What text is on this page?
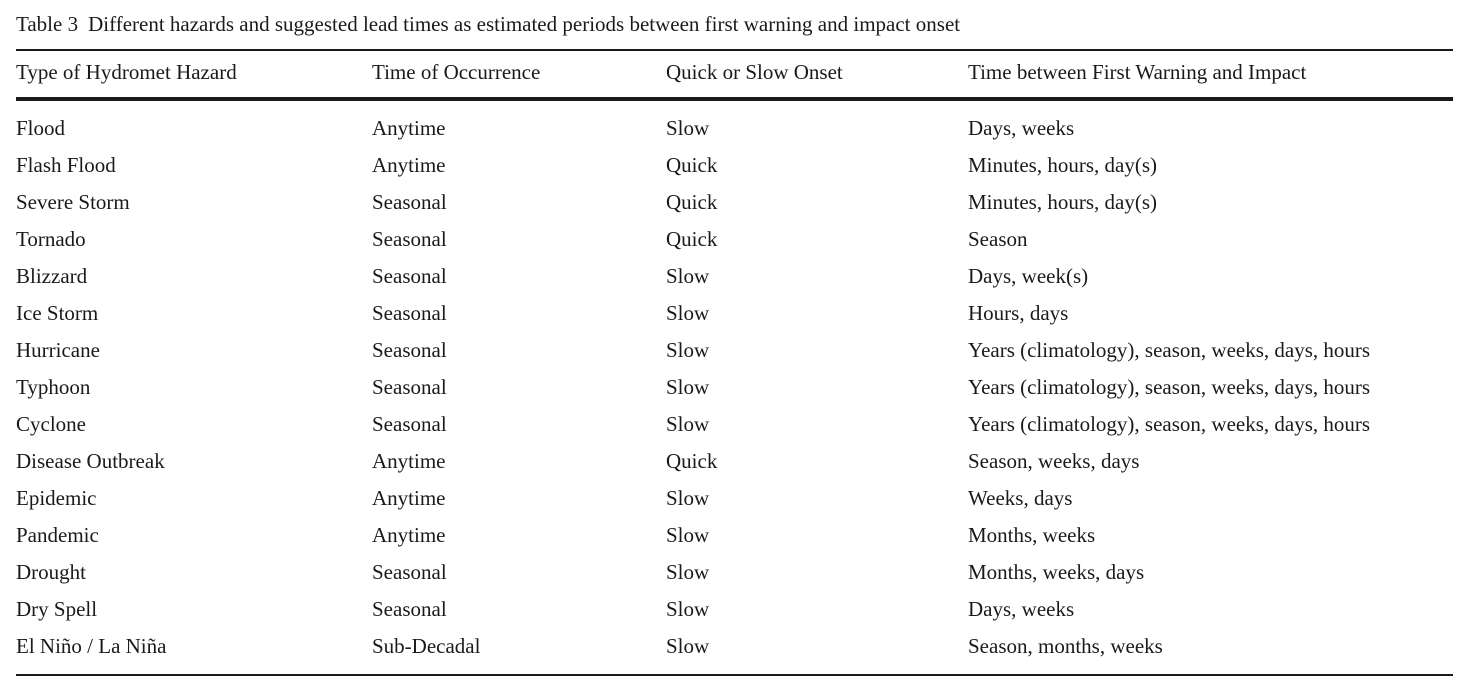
Table 3 Different hazards and suggested lead times as estimated periods between first warning and impact onset
Type of Hydromet Hazard	Time of Occurrence	Quick or Slow Onset	Time between First Warning and Impact
Flood	Anytime	Slow	Days, weeks
Flash Flood	Anytime	Quick	Minutes, hours, day(s)
Severe Storm	Seasonal	Quick	Minutes, hours, day(s)
Tornado	Seasonal	Quick	Season
Blizzard	Seasonal	Slow	Days, week(s)
Ice Storm	Seasonal	Slow	Hours, days
Hurricane	Seasonal	Slow	Years (climatology), season, weeks, days, hours
Typhoon	Seasonal	Slow	Years (climatology), season, weeks, days, hours
Cyclone	Seasonal	Slow	Years (climatology), season, weeks, days, hours
Disease Outbreak	Anytime	Quick	Season, weeks, days
Epidemic	Anytime	Slow	Weeks, days
Pandemic	Anytime	Slow	Months, weeks
Drought	Seasonal	Slow	Months, weeks, days
Dry Spell	Seasonal	Slow	Days, weeks
El Niño / La Niña	Sub-Decadal	Slow	Season, months, weeks
